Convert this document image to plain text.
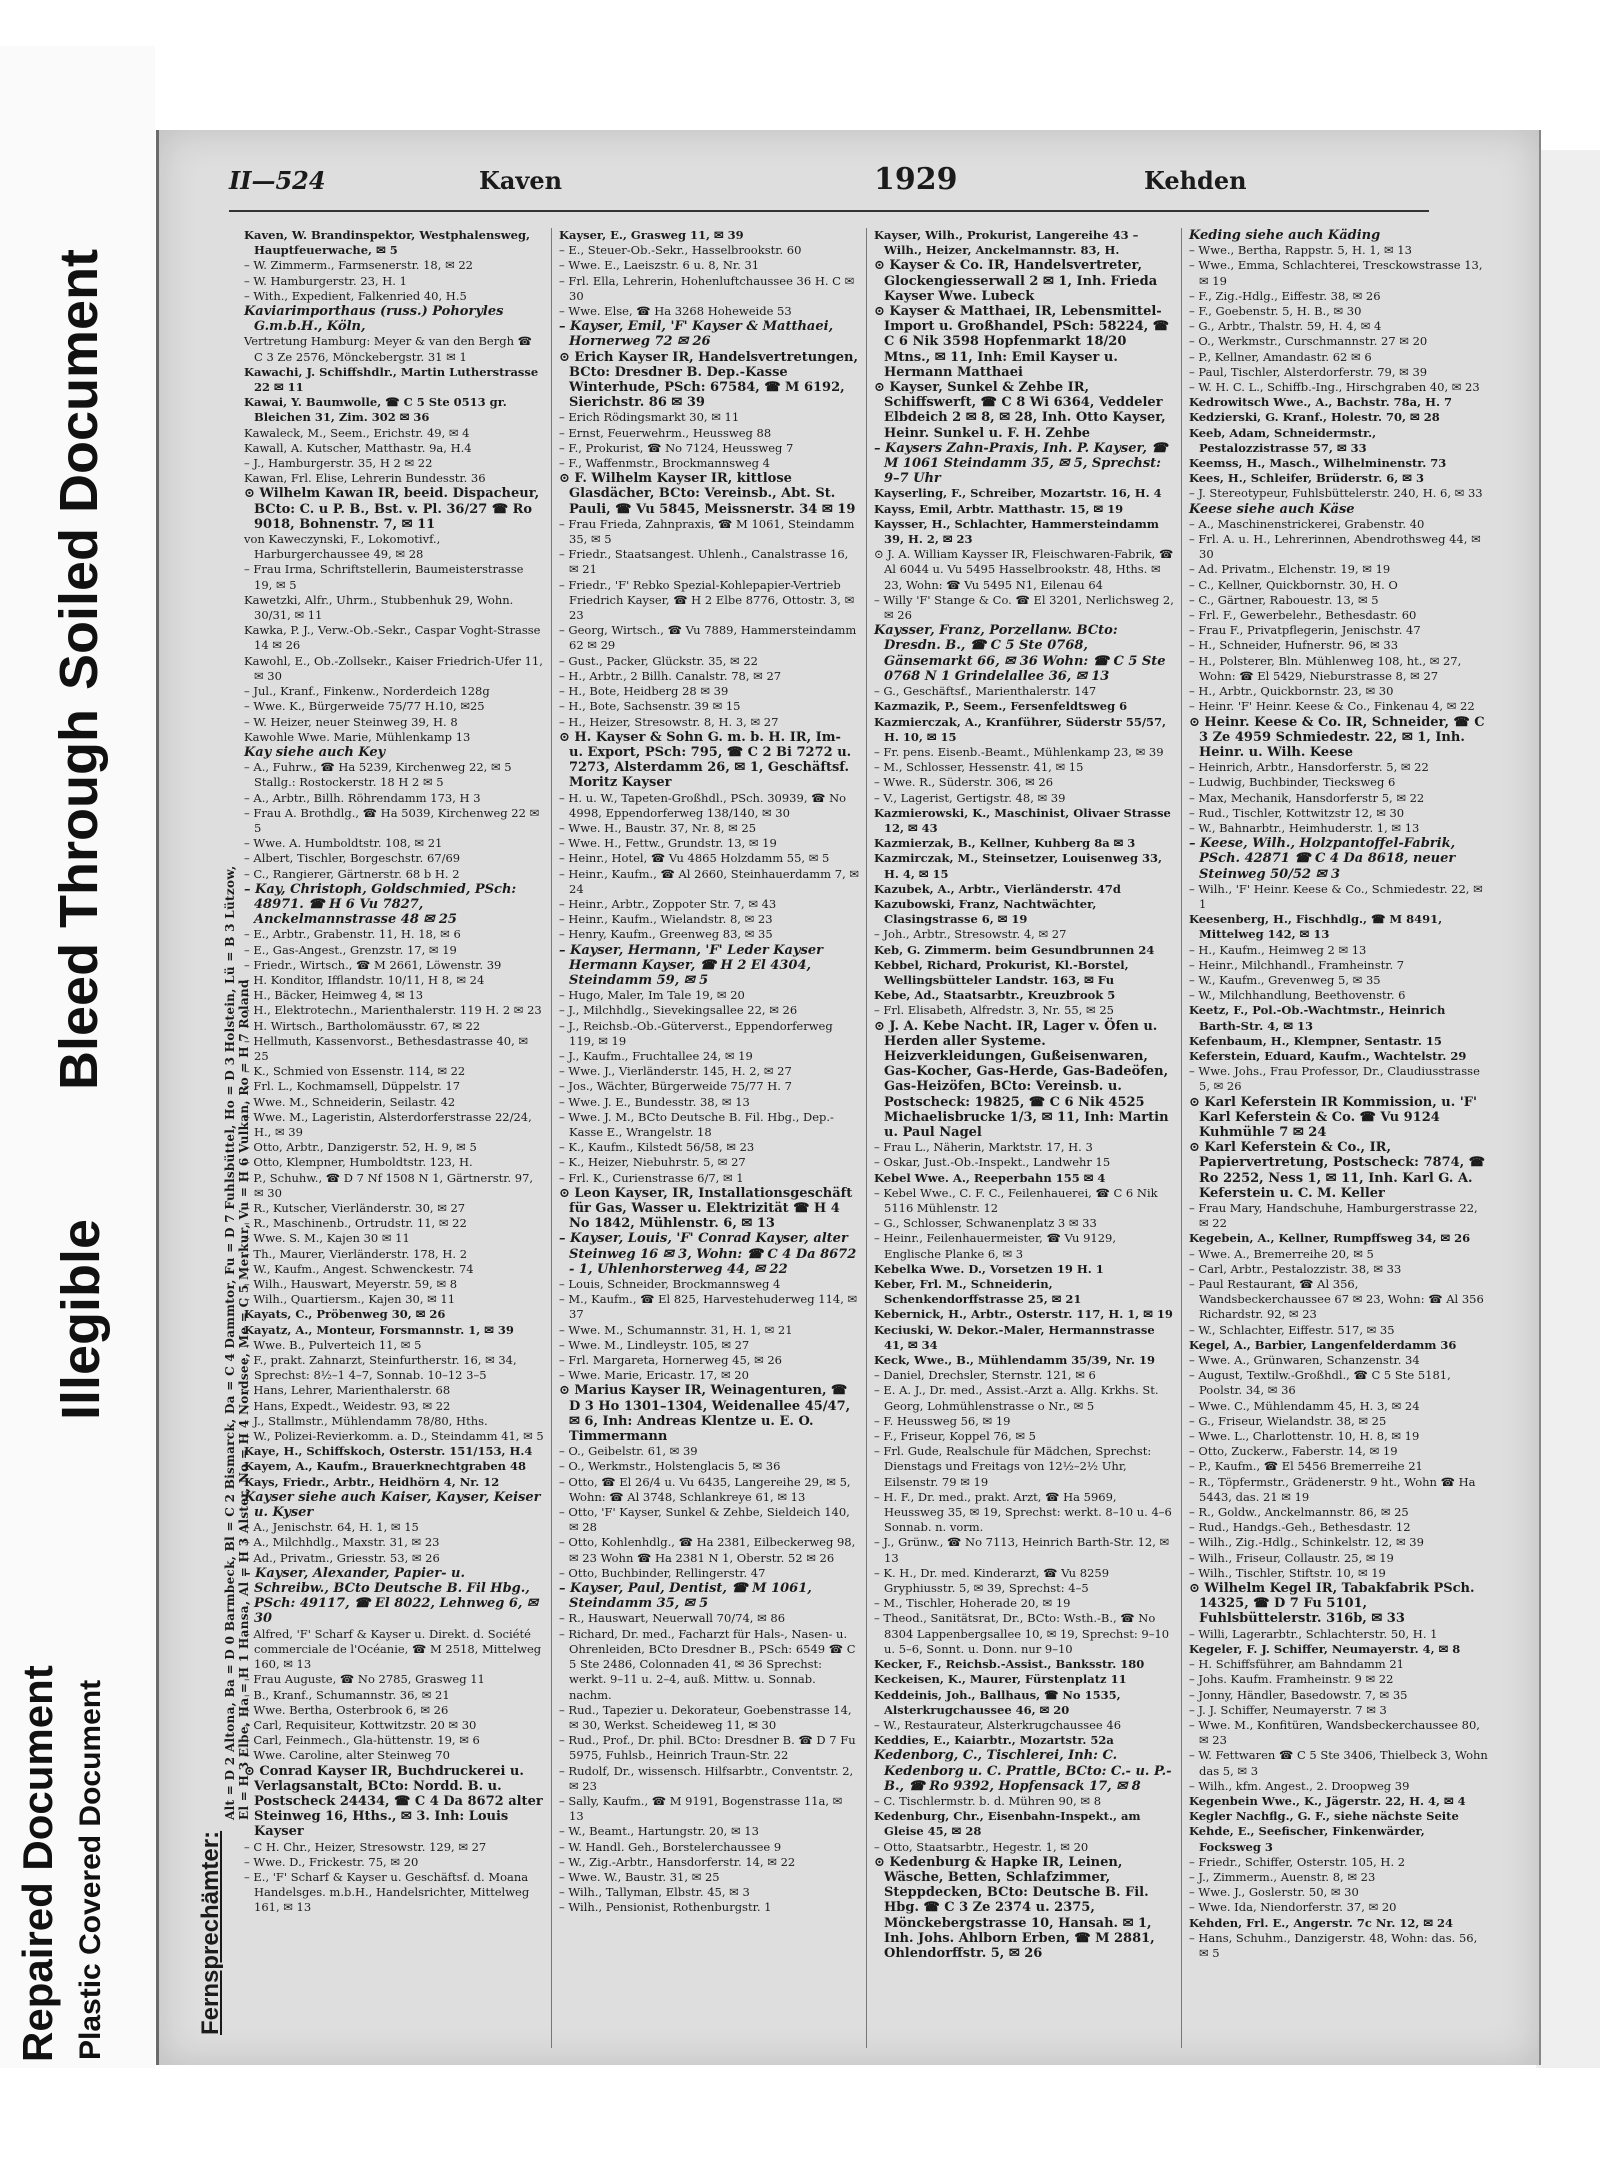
Repaired Document Plastic Covered Document
Illegible
Bleed Through
Soiled Document
II—524	Kaven	1929	Kehden
Fernsprechämter:
Alt = D 2 Altona, Ba = D 0 Barmbeck, Bl = C 2 Bismarck, Da = C 4 Dammtor, Fu = D 7 Fuhlsbüttel, Ho = D 3 Holstein, Lü = B 3 Lützow, El = H 3 Elbe, Ha = H 1 Hansa, Al = H 3 Alster, No = H 4 Nordsee, Me = C 5 Merkur, Vu = H 6 Vulkan, Ro = H 7 Roland

Kaven, W. Brandinspektor, Westphalensweg, Hauptfeuerwache, ✉ 5

– W. Zimmerm., Farmsenerstr. 18, ✉ 22

– W. Hamburgerstr. 23, H. 1

– With., Expedient, Falkenried 40, H.5

Kaviarimporthaus (russ.) Pohoryles G.m.b.H., Köln,

Vertretung Hamburg: Meyer & van den Bergh ☎ C 3 Ze 2576, Mönckebergstr. 31 ✉ 1

Kawachi, J. Schiffshdlr., Martin Lutherstrasse 22 ✉ 11

Kawai, Y. Baumwolle, ☎ C 5 Ste 0513 gr. Bleichen 31, Zim. 302 ✉ 36

Kawaleck, M., Seem., Erichstr. 49, ✉ 4

Kawall, A. Kutscher, Matthastr. 9a, H.4

– J., Hamburgerstr. 35, H 2 ✉ 22

Kawan, Frl. Elise, Lehrerin Bundesstr. 36

⊙ Wilhelm Kawan IR, beeid. Dispacheur, BCto: C. u P. B., Bst. v. Pl. 36/27 ☎ Ro 9018, Bohnenstr. 7, ✉ 11

von Kaweczynski, F., Lokomotivf., Harburgerchaussee 49, ✉ 28

– Frau Irma, Schriftstellerin, Baumeisterstrasse 19, ✉ 5

Kawetzki, Alfr., Uhrm., Stubbenhuk 29, Wohn. 30/31, ✉ 11

Kawka, P. J., Verw.-Ob.-Sekr., Caspar Voght-Strasse 14 ✉ 26

Kawohl, E., Ob.-Zollsekr., Kaiser Friedrich-Ufer 11, ✉ 30

– Jul., Kranf., Finkenw., Norderdeich 128g

– Wwe. K., Bürgerweide 75/77 H.10, ✉25

– W. Heizer, neuer Steinweg 39, H. 8

Kawohle Wwe. Marie, Mühlenkamp 13

Kay siehe auch Key

– A., Fuhrw., ☎ Ha 5239, Kirchenweg 22, ✉ 5 Stallg.: Rostockerstr. 18 H 2 ✉ 5

– A., Arbtr., Billh. Röhrendamm 173, H 3

– Frau A. Brothdlg., ☎ Ha 5039, Kirchenweg 22 ✉ 5

– Wwe. A. Humboldtstr. 108, ✉ 21

– Albert, Tischler, Borgeschstr. 67/69

– C., Rangierer, Gärtnerstr. 68 b H. 2

– Kay, Christoph, Goldschmied, PSch: 48971. ☎ H 6 Vu 7827, Anckelmannstrasse 48 ✉ 25

– E., Arbtr., Grabenstr. 11, H. 18, ✉ 6

– E., Gas-Angest., Grenzstr. 17, ✉ 19

– Friedr., Wirtsch., ☎ M 2661, Löwenstr. 39

– H. Konditor, Ifflandstr. 10/11, H 8, ✉ 24

– H., Bäcker, Heimweg 4, ✉ 13

– H., Elektrotechn., Marienthalerstr. 119 H. 2 ✉ 23

– H. Wirtsch., Bartholomäusstr. 67, ✉ 22

– Hellmuth, Kassenvorst., Bethesdastrasse 40, ✉ 25

– K., Schmied von Essenstr. 114, ✉ 22

– Frl. L., Kochmamsell, Düppelstr. 17

– Wwe. M., Schneiderin, Seilastr. 42

– Wwe. M., Lageristin, Alsterdorferstrasse 22/24, H., ✉ 39

– Otto, Arbtr., Danzigerstr. 52, H. 9, ✉ 5

– Otto, Klempner, Humboldtstr. 123, H.

– P., Schuhw., ☎ D 7 Nf 1508 N 1, Gärtnerstr. 97, ✉ 30

– R., Kutscher, Vierländerstr. 30, ✉ 27

– R., Maschinenb., Ortrudstr. 11, ✉ 22

– Wwe. S. M., Kajen 30 ✉ 11

– Th., Maurer, Vierländerstr. 178, H. 2

– W., Kaufm., Angest. Schwenckestr. 74

– Wilh., Hauswart, Meyerstr. 59, ✉ 8

– Wilh., Quartiersm., Kajen 30, ✉ 11

Kayats, C., Pröbenweg 30, ✉ 26

Kayatz, A., Monteur, Forsmannstr. 1, ✉ 39

– Wwe. B., Pulverteich 11, ✉ 5

– F., prakt. Zahnarzt, Steinfurtherstr. 16, ✉ 34, Sprechst: 8½–1 4–7, Sonnab. 10–12 3–5

– Hans, Lehrer, Marienthalerstr. 68

– Hans, Expedt., Weidestr. 93, ✉ 22

– J., Stallmstr., Mühlendamm 78/80, Hths.

– W., Polizei-Revierkomm. a. D., Steindamm 41, ✉ 5

Kaye, H., Schiffskoch, Osterstr. 151/153, H.4

Kayem, A., Kaufm., Brauerknechtgraben 48

Kays, Friedr., Arbtr., Heidhörn 4, Nr. 12

Kayser siehe auch Kaiser, Kayser, Keiser u. Kyser

– A., Jenischstr. 64, H. 1, ✉ 15

– A., Milchhdlg., Maxstr. 31, ✉ 23

– Ad., Privatm., Griesstr. 53, ✉ 26

– Kayser, Alexander, Papier- u. Schreibw., BCto Deutsche B. Fil Hbg., PSch: 49117, ☎ El 8022, Lehnweg 6, ✉ 30

– Alfred, 'F' Scharf & Kayser u. Direkt. d. Société commerciale de l'Océanie, ☎ M 2518, Mittelweg 160, ✉ 13

– Frau Auguste, ☎ No 2785, Grasweg 11

– B., Kranf., Schumannstr. 36, ✉ 21

– Wwe. Bertha, Osterbrook 6, ✉ 26

– Carl, Requisiteur, Kottwitzstr. 20 ✉ 30

– Carl, Feinmech., Gla-hüttenstr. 19, ✉ 6

– Wwe. Caroline, alter Steinweg 70

⊙ Conrad Kayser IR, Buchdruckerei u. Verlagsanstalt, BCto: Nordd. B. u. Postscheck 24434, ☎ C 4 Da 8672 alter Steinweg 16, Hths., ✉ 3. Inh: Louis Kayser

– C H. Chr., Heizer, Stresowstr. 129, ✉ 27

– Wwe. D., Frickestr. 75, ✉ 20

– E., 'F' Scharf & Kayser u. Geschäftsf. d. Moana Handelsges. m.b.H., Handelsrichter, Mittelweg 161, ✉ 13

Kayser, E., Grasweg 11, ✉ 39

– E., Steuer-Ob.-Sekr., Hasselbrookstr. 60

– Wwe. E., Laeiszstr. 6 u. 8, Nr. 31

– Frl. Ella, Lehrerin, Hohenluftchaussee 36 H. C ✉ 30

– Wwe. Else, ☎ Ha 3268 Hoheweide 53

– Kayser, Emil, 'F' Kayser & Matthaei, Hornerweg 72 ✉ 26

⊙ Erich Kayser IR, Handelsvertretungen, BCto: Dresdner B. Dep.-Kasse Winterhude, PSch: 67584, ☎ M 6192, Sierichstr. 86 ✉ 39

– Erich Rödingsmarkt 30, ✉ 11

– Ernst, Feuerwehrm., Heussweg 88

– F., Prokurist, ☎ No 7124, Heussweg 7

– F., Waffenmstr., Brockmannsweg 4

⊙ F. Wilhelm Kayser IR, kittlose Glasdächer, BCto: Vereinsb., Abt. St. Pauli, ☎ Vu 5845, Meissnerstr. 34 ✉ 19

– Frau Frieda, Zahnpraxis, ☎ M 1061, Steindamm 35, ✉ 5

– Friedr., Staatsangest. Uhlenh., Canalstrasse 16, ✉ 21

– Friedr., 'F' Rebko Spezial-Kohlepapier-Vertrieb Friedrich Kayser, ☎ H 2 Elbe 8776, Ottostr. 3, ✉ 23

– Georg, Wirtsch., ☎ Vu 7889, Hammersteindamm 62 ✉ 29

– Gust., Packer, Glückstr. 35, ✉ 22

– H., Arbtr., 2 Billh. Canalstr. 78, ✉ 27

– H., Bote, Heidberg 28 ✉ 39

– H., Bote, Sachsenstr. 39 ✉ 15

– H., Heizer, Stresowstr. 8, H. 3, ✉ 27

⊙ H. Kayser & Sohn G. m. b. H. IR, Im- u. Export, PSch: 795, ☎ C 2 Bi 7272 u. 7273, Alsterdamm 26, ✉ 1, Geschäftsf. Moritz Kayser

– H. u. W., Tapeten-Großhdl., PSch. 30939, ☎ No 4998, Eppendorferweg 138/140, ✉ 30

– Wwe. H., Baustr. 37, Nr. 8, ✉ 25

– Wwe. H., Fettw., Grundstr. 13, ✉ 19

– Heinr., Hotel, ☎ Vu 4865 Holzdamm 55, ✉ 5

– Heinr., Kaufm., ☎ Al 2660, Steinhauerdamm 7, ✉ 24

– Heinr., Arbtr., Zoppoter Str. 7, ✉ 43

– Heinr., Kaufm., Wielandstr. 8, ✉ 23

– Henry, Kaufm., Greenweg 83, ✉ 35

– Kayser, Hermann, 'F' Leder Kayser Hermann Kayser, ☎ H 2 El 4304, Steindamm 59, ✉ 5

– Hugo, Maler, Im Tale 19, ✉ 20

– J., Milchhdlg., Sievekingsallee 22, ✉ 26

– J., Reichsb.-Ob.-Güterverst., Eppendorferweg 119, ✉ 19

– J., Kaufm., Fruchtallee 24, ✉ 19

– Wwe. J., Vierländerstr. 145, H. 2, ✉ 27

– Jos., Wächter, Bürgerweide 75/77 H. 7

– Wwe. J. E., Bundesstr. 38, ✉ 13

– Wwe. J. M., BCto Deutsche B. Fil. Hbg., Dep.-Kasse E., Wrangelstr. 18

– K., Kaufm., Kilstedt 56/58, ✉ 23

– K., Heizer, Niebuhrstr. 5, ✉ 27

– Frl. K., Curienstrasse 6/7, ✉ 1

⊙ Leon Kayser, IR, Installationsgeschäft für Gas, Wasser u. Elektrizität ☎ H 4 No 1842, Mühlenstr. 6, ✉ 13

– Kayser, Louis, 'F' Conrad Kayser, alter Steinweg 16 ✉ 3, Wohn: ☎ C 4 Da 8672 - 1, Uhlenhorsterweg 44, ✉ 22

– Louis, Schneider, Brockmannsweg 4

– M., Kaufm., ☎ El 825, Harvestehuderweg 114, ✉ 37

– Wwe. M., Schumannstr. 31, H. 1, ✉ 21

– Wwe. M., Lindleystr. 105, ✉ 27

– Frl. Margareta, Hornerweg 45, ✉ 26

– Wwe. Marie, Ericastr. 17, ✉ 20

⊙ Marius Kayser IR, Weinagenturen, ☎ D 3 Ho 1301–1304, Weidenallee 45/47, ✉ 6, Inh: Andreas Klentze u. E. O. Timmermann

– O., Geibelstr. 61, ✉ 39

– O., Werkmstr., Holstenglacis 5, ✉ 36

– Otto, ☎ El 26/4 u. Vu 6435, Langereihe 29, ✉ 5, Wohn: ☎ Al 3748, Schlankreye 61, ✉ 13

– Otto, 'F' Kayser, Sunkel & Zehbe, Sieldeich 140, ✉ 28

– Otto, Kohlenhdlg., ☎ Ha 2381, Eilbeckerweg 98, ✉ 23 Wohn ☎ Ha 2381 N 1, Oberstr. 52 ✉ 26

– Otto, Buchbinder, Rellingerstr. 47

– Kayser, Paul, Dentist, ☎ M 1061, Steindamm 35, ✉ 5

– R., Hauswart, Neuerwall 70/74, ✉ 86

– Richard, Dr. med., Facharzt für Hals-, Nasen- u. Ohrenleiden, BCto Dresdner B., PSch: 6549 ☎ C 5 Ste 2486, Colonnaden 41, ✉ 36 Sprechst: werkt. 9–11 u. 2–4, auß. Mittw. u. Sonnab. nachm.

– Rud., Tapezier u. Dekorateur, Goebenstrasse 14, ✉ 30, Werkst. Scheideweg 11, ✉ 30

– Rud., Prof., Dr. phil. BCto: Dresdner B. ☎ D 7 Fu 5975, Fuhlsb., Heinrich Traun-Str. 22

– Rudolf, Dr., wissensch. Hilfsarbtr., Conventstr. 2, ✉ 23

– Sally, Kaufm., ☎ M 9191, Bogenstrasse 11a, ✉ 13

– W., Beamt., Hartungstr. 20, ✉ 13

– W. Handl. Geh., Borstelerchaussee 9

– W., Zig.-Arbtr., Hansdorferstr. 14, ✉ 22

– Wwe. W., Baustr. 31, ✉ 25

– Wilh., Tallyman, Elbstr. 45, ✉ 3

– Wilh., Pensionist, Rothenburgstr. 1

Kayser, Wilh., Prokurist, Langereihe 43 – Wilh., Heizer, Anckelmannstr. 83, H.

⊙ Kayser & Co. IR, Handelsvertreter, Glockengiesserwall 2 ✉ 1, Inh. Frieda Kayser Wwe. Lubeck

⊙ Kayser & Matthaei, IR, Lebensmittel-Import u. Großhandel, PSch: 58224, ☎ C 6 Nik 3598 Hopfenmarkt 18/20 Mtns., ✉ 11, Inh: Emil Kayser u. Hermann Matthaei

⊙ Kayser, Sunkel & Zehbe IR, Schiffswerft, ☎ C 8 Wi 6364, Veddeler Elbdeich 2 ✉ 8, ✉ 28, Inh. Otto Kayser, Heinr. Sunkel u. F. H. Zehbe

– Kaysers Zahn-Praxis, Inh. P. Kayser, ☎ M 1061 Steindamm 35, ✉ 5, Sprechst: 9–7 Uhr

Kayserling, F., Schreiber, Mozartstr. 16, H. 4

Kayss, Emil, Arbtr. Matthastr. 15, ✉ 19

Kaysser, H., Schlachter, Hammersteindamm 39, H. 2, ✉ 23

⊙ J. A. William Kaysser IR, Fleischwaren-Fabrik, ☎ Al 6044 u. Vu 5495 Hasselbrookstr. 48, Hths. ✉ 23, Wohn: ☎ Vu 5495 N1, Eilenau 64

– Willy 'F' Stange & Co. ☎ El 3201, Nerlichsweg 2, ✉ 26

Kaysser, Franz, Porzellanw. BCto: Dresdn. B., ☎ C 5 Ste 0768, Gänsemarkt 66, ✉ 36 Wohn: ☎ C 5 Ste 0768 N 1 Grindelallee 36, ✉ 13

– G., Geschäftsf., Marienthalerstr. 147

Kazmazik, P., Seem., Fersenfeldtsweg 6

Kazmierczak, A., Kranführer, Süderstr 55/57, H. 10, ✉ 15

– Fr. pens. Eisenb.-Beamt., Mühlenkamp 23, ✉ 39

– M., Schlosser, Hessenstr. 41, ✉ 15

– Wwe. R., Süderstr. 306, ✉ 26

– V., Lagerist, Gertigstr. 48, ✉ 39

Kazmierowski, K., Maschinist, Olivaer Strasse 12, ✉ 43

Kazmierzak, B., Kellner, Kuhberg 8a ✉ 3

Kazmirczak, M., Steinsetzer, Louisenweg 33, H. 4, ✉ 15

Kazubek, A., Arbtr., Vierländerstr. 47d

Kazubowski, Franz, Nachtwächter, Clasingstrasse 6, ✉ 19

– Joh., Arbtr., Stresowstr. 4, ✉ 27

Keb, G. Zimmerm. beim Gesundbrunnen 24

Kebbel, Richard, Prokurist, Kl.-Borstel, Wellingsbütteler Landstr. 163, ✉ Fu

Kebe, Ad., Staatsarbtr., Kreuzbrook 5

– Frl. Elisabeth, Alfredstr. 3, Nr. 55, ✉ 25

⊙ J. A. Kebe Nacht. IR, Lager v. Öfen u. Herden aller Systeme. Heizverkleidungen, Gußeisenwaren, Gas-Kocher, Gas-Herde, Gas-Badeöfen, Gas-Heizöfen, BCto: Vereinsb. u. Postscheck: 19825, ☎ C 6 Nik 4525 Michaelisbrucke 1/3, ✉ 11, Inh: Martin u. Paul Nagel

– Frau L., Näherin, Marktstr. 17, H. 3

– Oskar, Just.-Ob.-Inspekt., Landwehr 15

Kebel Wwe. A., Reeperbahn 155 ✉ 4

– Kebel Wwe., C. F. C., Feilenhauerei, ☎ C 6 Nik 5116 Mühlenstr. 12

– G., Schlosser, Schwanenplatz 3 ✉ 33

– Heinr., Feilenhauermeister, ☎ Vu 9129, Englische Planke 6, ✉ 3

Kebelka Wwe. D., Vorsetzen 19 H. 1

Keber, Frl. M., Schneiderin, Schenkendorffstrasse 25, ✉ 21

Kebernick, H., Arbtr., Osterstr. 117, H. 1, ✉ 19

Keciuski, W. Dekor.-Maler, Hermannstrasse 41, ✉ 34

Keck, Wwe., B., Mühlendamm 35/39, Nr. 19

– Daniel, Drechsler, Sternstr. 121, ✉ 6

– E. A. J., Dr. med., Assist.-Arzt a. Allg. Krkhs. St. Georg, Lohmühlenstrasse o Nr., ✉ 5

– F. Heussweg 56, ✉ 19

– F., Friseur, Koppel 76, ✉ 5

– Frl. Gude, Realschule für Mädchen, Sprechst: Dienstags und Freitags von 12½–2½ Uhr, Eilsenstr. 79 ✉ 19

– H. F., Dr. med., prakt. Arzt, ☎ Ha 5969, Heussweg 35, ✉ 19, Sprechst: werkt. 8–10 u. 4–6 Sonnab. n. vorm.

– J., Grünw., ☎ No 7113, Heinrich Barth-Str. 12, ✉ 13

– K. H., Dr. med. Kinderarzt, ☎ Vu 8259 Gryphiusstr. 5, ✉ 39, Sprechst: 4–5

– M., Tischler, Hoherade 20, ✉ 19

– Theod., Sanitätsrat, Dr., BCto: Wsth.-B., ☎ No 8304 Lappenbergsallee 10, ✉ 19, Sprechst: 9–10 u. 5–6, Sonnt. u. Donn. nur 9–10

Kecker, F., Reichsb.-Assist., Banksstr. 180

Keckeisen, K., Maurer, Fürstenplatz 11

Keddeinis, Joh., Ballhaus, ☎ No 1535, Alsterkrugchaussee 46, ✉ 20

– W., Restaurateur, Alsterkrugchaussee 46

Keddies, E., Kaiarbtr., Mozartstr. 52a

Kedenborg, C., Tischlerei, Inh: C. Kedenborg u. C. Prattle, BCto: C.- u. P.-B., ☎ Ro 9392, Hopfensack 17, ✉ 8

– C. Tischlermstr. b. d. Mühren 90, ✉ 8

Kedenburg, Chr., Eisenbahn-Inspekt., am Gleise 45, ✉ 28

– Otto, Staatsarbtr., Hegestr. 1, ✉ 20

⊙ Kedenburg & Hapke IR, Leinen, Wäsche, Betten, Schlafzimmer, Steppdecken, BCto: Deutsche B. Fil. Hbg. ☎ C 3 Ze 2374 u. 2375, Mönckebergstrasse 10, Hansah. ✉ 1, Inh. Johs. Ahlborn Erben, ☎ M 2881, Ohlendorffstr. 5, ✉ 26

Keding siehe auch Käding

– Wwe., Bertha, Rappstr. 5, H. 1, ✉ 13

– Wwe., Emma, Schlachterei, Tresckowstrasse 13, ✉ 19

– F., Zig.-Hdlg., Eiffestr. 38, ✉ 26

– F., Goebenstr. 5, H. B., ✉ 30

– G., Arbtr., Thalstr. 59, H. 4, ✉ 4

– O., Werkmstr., Curschmannstr. 27 ✉ 20

– P., Kellner, Amandastr. 62 ✉ 6

– Paul, Tischler, Alsterdorferstr. 79, ✉ 39

– W. H. C. L., Schiffb.-Ing., Hirschgraben 40, ✉ 23

Kedrowitsch Wwe., A., Bachstr. 78a, H. 7

Kedzierski, G. Kranf., Holestr. 70, ✉ 28

Keeb, Adam, Schneidermstr., Pestalozzistrasse 57, ✉ 33

Keemss, H., Masch., Wilhelminenstr. 73

Kees, H., Schleifer, Brüderstr. 6, ✉ 3

– J. Stereotypeur, Fuhlsbüttelerstr. 240, H. 6, ✉ 33

Keese siehe auch Käse

– A., Maschinenstrickerei, Grabenstr. 40

– Frl. A. u. H., Lehrerinnen, Abendrothsweg 44, ✉ 30

– Ad. Privatm., Elchenstr. 19, ✉ 19

– C., Kellner, Quickbornstr. 30, H. O

– C., Gärtner, Rabouestr. 13, ✉ 5

– Frl. F., Gewerbelehr., Bethesdastr. 60

– Frau F., Privatpflegerin, Jenischstr. 47

– H., Schneider, Hufnerstr. 96, ✉ 33

– H., Polsterer, Bln. Mühlenweg 108, ht., ✉ 27, Wohn: ☎ El 5429, Nieburstrasse 8, ✉ 27

– H., Arbtr., Quickbornstr. 23, ✉ 30

– Heinr. 'F' Heinr. Keese & Co., Finkenau 4, ✉ 22

⊙ Heinr. Keese & Co. IR, Schneider, ☎ C 3 Ze 4959 Schmiedestr. 22, ✉ 1, Inh. Heinr. u. Wilh. Keese

– Heinrich, Arbtr., Hansdorferstr. 5, ✉ 22

– Ludwig, Buchbinder, Tiecksweg 6

– Max, Mechanik, Hansdorferstr 5, ✉ 22

– Rud., Tischler, Kottwitzstr 12, ✉ 30

– W., Bahnarbtr., Heimhuderstr. 1, ✉ 13

– Keese, Wilh., Holzpantoffel-Fabrik, PSch. 42871 ☎ C 4 Da 8618, neuer Steinweg 50/52 ✉ 3

– Wilh., 'F' Heinr. Keese & Co., Schmiedestr. 22, ✉ 1

Keesenberg, H., Fischhdlg., ☎ M 8491, Mittelweg 142, ✉ 13

– H., Kaufm., Heimweg 2 ✉ 13

– Heinr., Milchhandl., Framheinstr. 7

– W., Kaufm., Grevenweg 5, ✉ 35

– W., Milchhandlung, Beethovenstr. 6

Keetz, F., Pol.-Ob.-Wachtmstr., Heinrich Barth-Str. 4, ✉ 13

Kefenbaum, H., Klempner, Sentastr. 15

Keferstein, Eduard, Kaufm., Wachtelstr. 29

– Wwe. Johs., Frau Professor, Dr., Claudiusstrasse 5, ✉ 26

⊙ Karl Keferstein IR Kommission, u. 'F' Karl Keferstein & Co. ☎ Vu 9124 Kuhmühle 7 ✉ 24

⊙ Karl Keferstein & Co., IR, Papiervertretung, Postscheck: 7874, ☎ Ro 2252, Ness 1, ✉ 11, Inh. Karl G. A. Keferstein u. C. M. Keller

– Frau Mary, Handschuhe, Hamburgerstrasse 22, ✉ 22

Kegebein, A., Kellner, Rumpffsweg 34, ✉ 26

– Wwe. A., Bremerreihe 20, ✉ 5

– Carl, Arbtr., Pestalozzistr. 38, ✉ 33

– Paul Restaurant, ☎ Al 356, Wandsbeckerchaussee 67 ✉ 23, Wohn: ☎ Al 356 Richardstr. 92, ✉ 23

– W., Schlachter, Eiffestr. 517, ✉ 35

Kegel, A., Barbier, Langenfelderdamm 36

– Wwe. A., Grünwaren, Schanzenstr. 34

– August, Textilw.-Großhdl., ☎ C 5 Ste 5181, Poolstr. 34, ✉ 36

– Wwe. C., Mühlendamm 45, H. 3, ✉ 24

– G., Friseur, Wielandstr. 38, ✉ 25

– Wwe. L., Charlottenstr. 10, H. 8, ✉ 19

– Otto, Zuckerw., Faberstr. 14, ✉ 19

– P., Kaufm., ☎ El 5456 Bremerreihe 21

– R., Töpfermstr., Grädenerstr. 9 ht., Wohn ☎ Ha 5443, das. 21 ✉ 19

– R., Goldw., Anckelmannstr. 86, ✉ 25

– Rud., Handgs.-Geh., Bethesdastr. 12

– Wilh., Zig.-Hdlg., Schinkelstr. 12, ✉ 39

– Wilh., Friseur, Collaustr. 25, ✉ 19

– Wilh., Tischler, Stiftstr. 10, ✉ 19

⊙ Wilhelm Kegel IR, Tabakfabrik PSch. 14325, ☎ D 7 Fu 5101, Fuhlsbüttelerstr. 316b, ✉ 33

– Willi, Lagerarbtr., Schlachterstr. 50, H. 1

Kegeler, F. J. Schiffer, Neumayerstr. 4, ✉ 8

– H. Schiffsführer, am Bahndamm 21

– Johs. Kaufm. Framheinstr. 9 ✉ 22

– Jonny, Händler, Basedowstr. 7, ✉ 35

– J. J. Schiffer, Neumayerstr. 7 ✉ 3

– Wwe. M., Konfitüren, Wandsbeckerchaussee 80, ✉ 23

– W. Fettwaren ☎ C 5 Ste 3406, Thielbeck 3, Wohn das 5, ✉ 3

– Wilh., kfm. Angest., 2. Droopweg 39

Kegenbein Wwe., K., Jägerstr. 22, H. 4, ✉ 4

Kegler Nachflg., G. F., siehe nächste Seite

Kehde, E., Seefischer, Finkenwärder, Focksweg 3

– Friedr., Schiffer, Osterstr. 105, H. 2

– J., Zimmerm., Auenstr. 8, ✉ 23

– Wwe. J., Goslerstr. 50, ✉ 30

– Wwe. Ida, Niendorferstr. 37, ✉ 20

Kehden, Frl. E., Angerstr. 7c Nr. 12, ✉ 24

– Hans, Schuhm., Danzigerstr. 48, Wohn: das. 56, ✉ 5
